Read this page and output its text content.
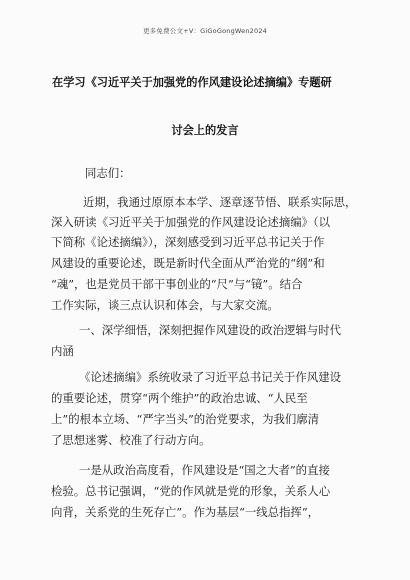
更多免费公文+V：GiGoGongWen2024
在学习《习近平关于加强党的作风建设论述摘编》专题研
讨会上的发言
同志们：
近期，我通过原原本本学、逐章逐节悟、联系实际思，
深入研读《习近平关于加强党的作风建设论述摘编》（以
下简称《论述摘编》），深刻感受到习近平总书记关于作
风建设的重要论述，既是新时代全面从严治党的“纲”和
“魂”，也是党员干部干事创业的“尺”与“镜”。结合
工作实际，谈三点认识和体会，与大家交流。
一、深学细悟，深刻把握作风建设的政治逻辑与时代
内涵
《论述摘编》系统收录了习近平总书记关于作风建设
的重要论述，贯穿“两个维护”的政治忠诚、“人民至
上”的根本立场、“严字当头”的治党要求，为我们廓清
了思想迷雾、校准了行动方向。
一是从政治高度看，作风建设是“国之大者”的直接
检验。总书记强调，“党的作风就是党的形象，关系人心
向背，关系党的生死存亡”。作为基层“一线总指挥”，
